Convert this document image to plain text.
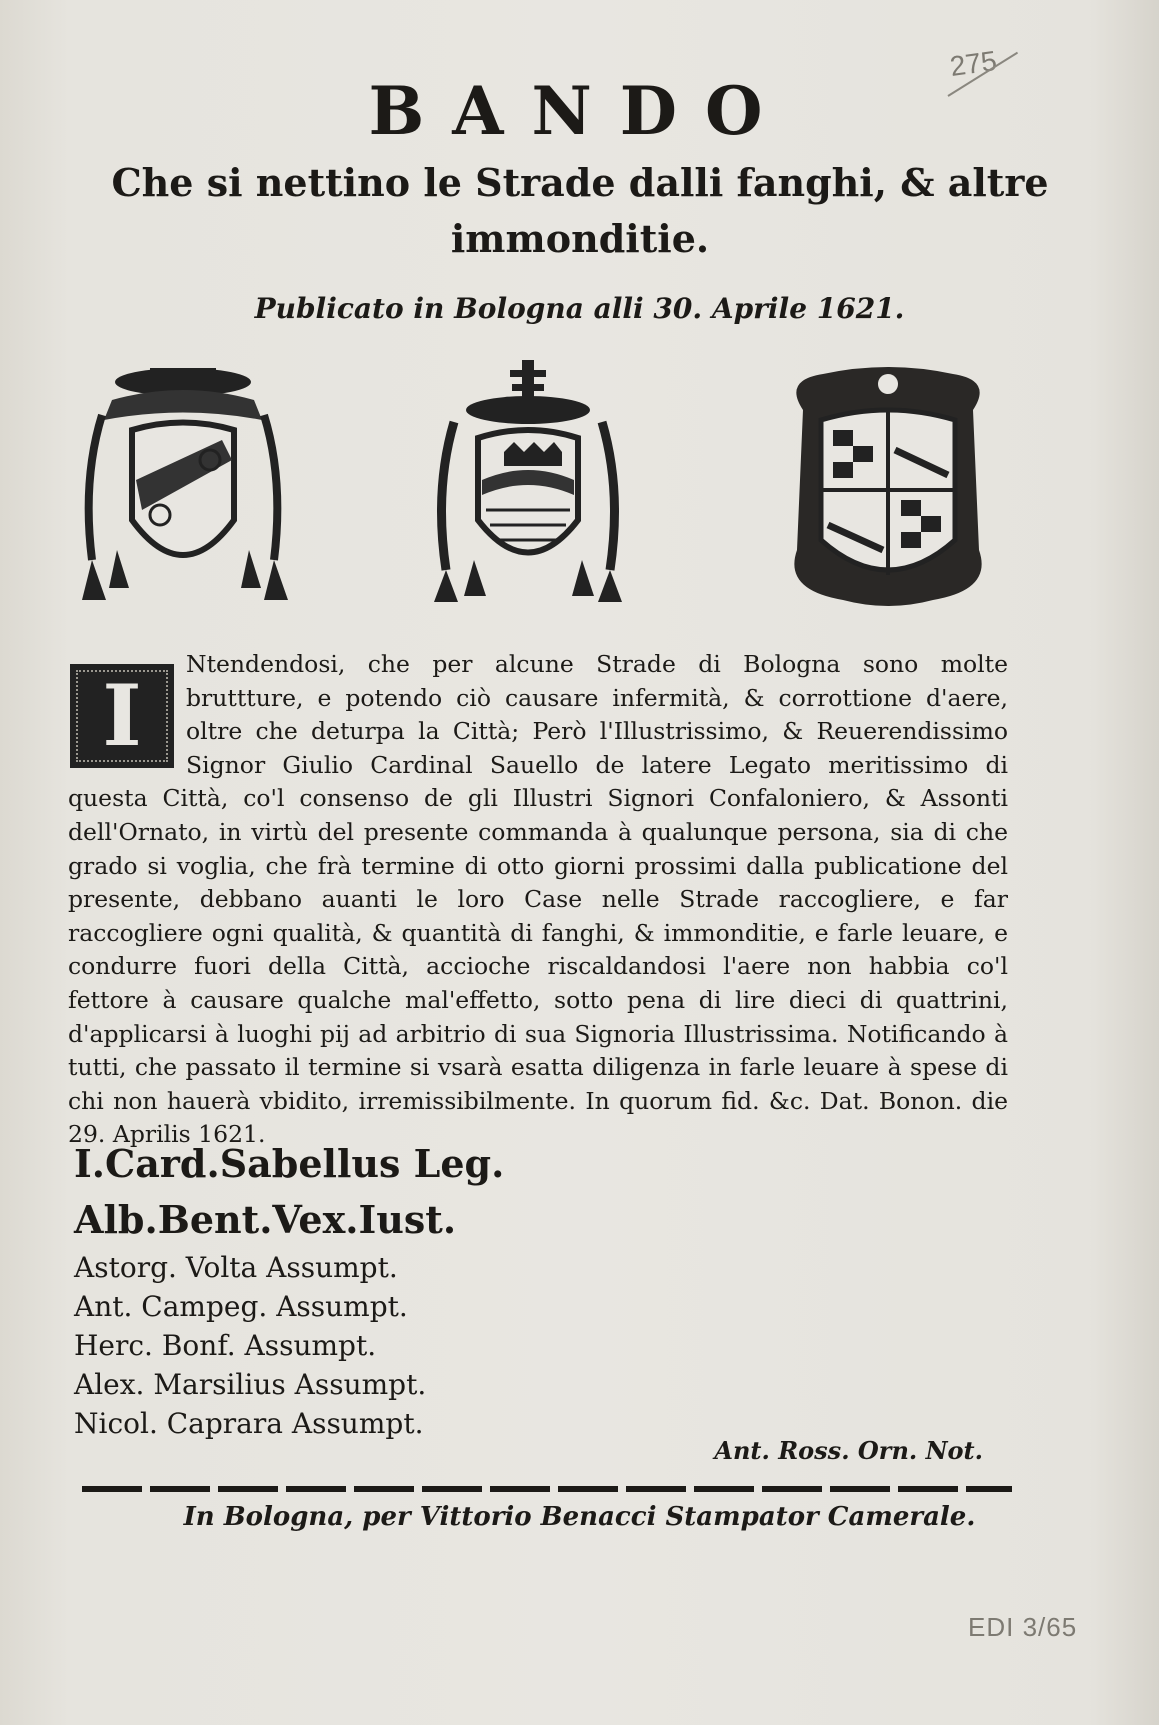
275
BANDO
Che si nettino le Strade dalli fanghi, & altre immonditie.
Publicato in Bologna alli 30. Aprile 1621.
I
Ntendendosi, che per alcune Strade di Bologna sono molte bruttture, e potendo ciò causare infermità, & corrottione d'aere, oltre che deturpa la Città; Però l'Illustrissimo, & Reuerendissimo Signor Giulio Cardinal Sauello de latere Legato meritissimo di questa Città, co'l consenso de gli Illustri Signori Confaloniero, & Assonti dell'Ornato, in virtù del presente commanda à qualunque persona, sia di che grado si voglia, che frà termine di otto giorni prossimi dalla publicatione del presente, debbano auanti le loro Case nelle Strade raccogliere, e far raccogliere ogni qualità, & quantità di fanghi, & immonditie, e farle leuare, e condurre fuori della Città, accioche riscaldandosi l'aere non habbia co'l fettore à causare qualche mal'effetto, sotto pena di lire dieci di quattrini, d'applicarsi à luoghi pij ad arbitrio di sua Signoria Illustrissima. Notificando à tutti, che passato il termine si vsarà esatta diligenza in farle leuare à spese di chi non hauerà vbidito, irremissibilmente. In quorum fid. &c. Dat. Bonon. die 29. Aprilis 1621.
I.Card.Sabellus Leg.
Alb.Bent.Vex.Iust.
Astorg. Volta Assumpt.
Ant. Campeg. Assumpt.
Herc. Bonf. Assumpt.
Alex. Marsilius Assumpt.
Nicol. Caprara Assumpt.
Ant. Ross. Orn. Not.
In Bologna, per Vittorio Benacci Stampator Camerale.
EDI 3/65
